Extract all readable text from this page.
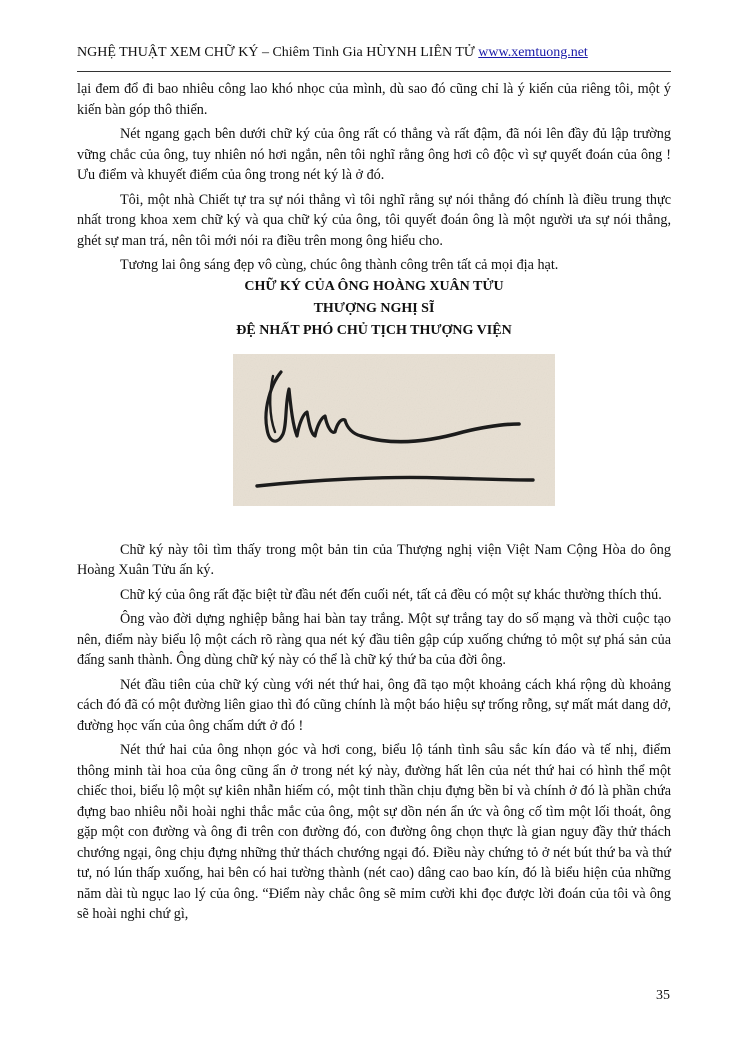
NGHỆ THUẬT XEM CHỮ KÝ – Chiêm Tinh Gia HÙYNH LIÊN TỬ www.xemtuong.net

lại đem đổ đi bao nhiêu công lao khó nhọc của mình, dù sao đó cũng chỉ là ý kiến của riêng tôi, một ý kiến bàn góp thô thiển.

Nét ngang gạch bên dưới chữ ký của ông rất có thẳng và rất đậm, đã nói lên đầy đủ lập trường vững chắc của ông, tuy nhiên nó hơi ngắn, nên tôi nghĩ rằng ông hơi cô độc vì sự quyết đoán của ông ! Ưu điểm và khuyết điểm của ông trong nét ký là ở đó.

Tôi, một nhà Chiết tự tra sự nói thẳng vì tôi nghĩ rằng sự nói thẳng đó chính là điều trung thực nhất trong khoa xem chữ ký và qua chữ ký của ông, tôi quyết đoán ông là một người ưa sự nói thẳng, ghét sự man trá, nên tôi mới nói ra điều trên mong ông hiểu cho.

Tương lai ông sáng đẹp vô cùng, chúc ông thành công trên tất cả mọi địa hạt.

CHỮ KÝ CỦA ÔNG HOÀNG XUÂN TỬU

THƯỢNG NGHỊ SĨ

ĐỆ NHẤT PHÓ CHỦ TỊCH THƯỢNG VIỆN

Chữ ký này tôi tìm thấy trong một bản tin của Thượng nghị viện Việt Nam Cộng Hòa do ông Hoàng Xuân Tửu ấn ký.

Chữ ký của ông rất đặc biệt từ đầu nét đến cuối nét, tất cả đều có một sự khác thường thích thú.

Ông vào đời dựng nghiệp bằng hai bàn tay trắng. Một sự trắng tay do số mạng và thời cuộc tạo nên, điểm này biểu lộ một cách rõ ràng qua nét ký đầu tiên gập cúp xuống chứng tỏ một sự phá sản của đấng sanh thành. Ông dùng chữ ký này có thể là chữ ký thứ ba của đời ông.

Nét đầu tiên của chữ ký cùng với nét thứ hai, ông đã tạo một khoảng cách khá rộng dù khoảng cách đó đã có một đường liên giao thì đó cũng chính là một báo hiệu sự trống rỗng, sự mất mát dang dở, đường học vấn của ông chấm dứt ở đó !

Nét thứ hai của ông nhọn góc và hơi cong, biểu lộ tánh tình sâu sắc kín đáo và tế nhị, điểm thông minh tài hoa của ông cũng ẩn ở trong nét ký này, đường hất lên của nét thứ hai có hình thể một chiếc thoi, biểu lộ một sự kiên nhẫn hiếm có, một tinh thần chịu đựng bền bỉ và chính ở đó là phần chứa đựng bao nhiêu nỗi hoài nghi thắc mắc của ông, một sự dồn nén ẩn ức và ông cố tìm một lối thoát, ông gặp một con đường và ông đi trên con đường đó, con đường ông chọn thực là gian nguy đầy thử thách chướng ngại, ông chịu đựng những thử thách chướng ngại đó. Điều này chứng tỏ ở nét bút thứ ba và thứ tư, nó lún thấp xuống, hai bên có hai tường thành (nét cao) dâng cao bao kín, đó là biểu hiện của những năm dài tù ngục lao lý của ông. “Điểm này chắc ông sẽ mỉm cười khi đọc được lời đoán của tôi và ông sẽ hoài nghi chứ gì,

35
